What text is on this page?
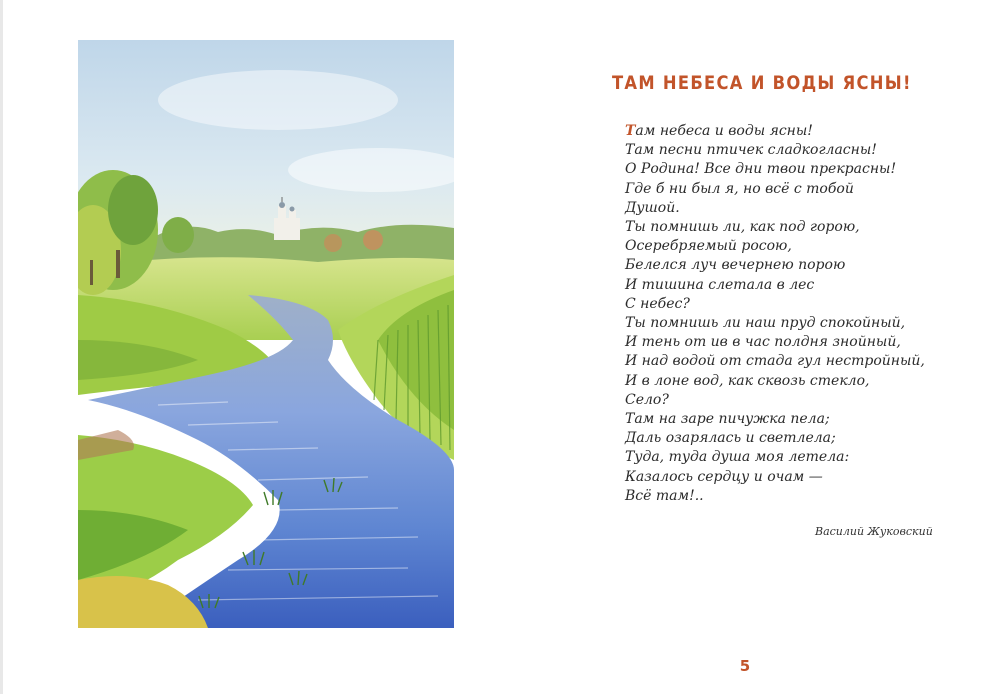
ТАМ НЕБЕСА И ВОДЫ ЯСНЫ!
Там небеса и воды ясны!
Там песни птичек сладкогласны!
О Родина! Все дни твои прекрасны!
Где б ни был я, но всё с тобой
Душой.
Ты помнишь ли, как под горою,
Осеребряемый росою,
Белелся луч вечернею порою
И тишина слетала в лес
С небес?
Ты помнишь ли наш пруд спокойный,
И тень от ив в час полдня знойный,
И над водой от стада гул нестройный,
И в лоне вод, как сквозь стекло,
Село?
Там на заре пичужка пела;
Даль озарялась и светлела;
Туда, туда душа моя летела:
Казалось сердцу и очам —
Всё там!..
Василий Жуковский
5
